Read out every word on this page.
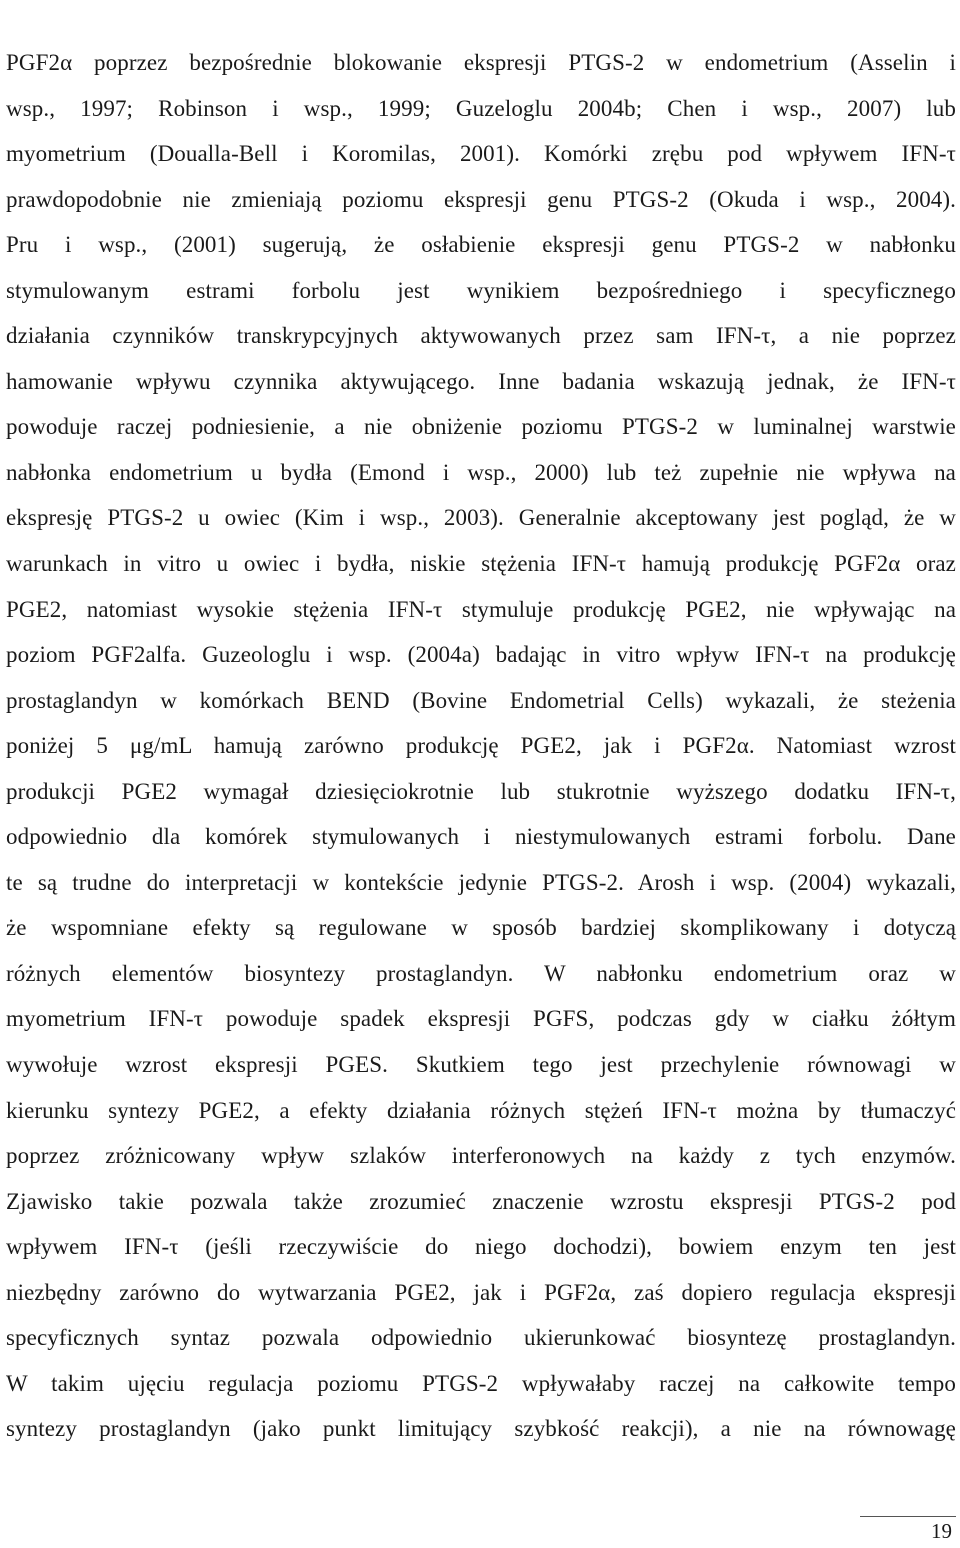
PGF2α poprzez bezpośrednie blokowanie ekspresji PTGS-2 w endometrium (Asselin i
wsp., 1997; Robinson i wsp., 1999; Guzeloglu 2004b; Chen i wsp., 2007) lub
myometrium (Doualla-Bell i Koromilas, 2001). Komórki zrębu pod wpływem IFN-τ
prawdopodobnie nie zmieniają poziomu ekspresji genu PTGS-2 (Okuda i wsp., 2004).
Pru i wsp., (2001) sugerują, że osłabienie ekspresji genu PTGS-2 w nabłonku
stymulowanym estrami forbolu jest wynikiem bezpośredniego i specyficznego
działania czynników transkrypcyjnych aktywowanych przez sam IFN-τ, a nie poprzez
hamowanie wpływu czynnika aktywującego. Inne badania wskazują jednak, że IFN-τ
powoduje raczej podniesienie, a nie obniżenie poziomu PTGS-2 w luminalnej warstwie
nabłonka endometrium u bydła (Emond i wsp., 2000) lub też zupełnie nie wpływa na
ekspresję PTGS-2 u owiec (Kim i wsp., 2003). Generalnie akceptowany jest pogląd, że w
warunkach in vitro u owiec i bydła, niskie stężenia IFN-τ hamują produkcję PGF2α oraz
PGE2, natomiast wysokie stężenia IFN-τ stymuluje produkcję PGE2, nie wpływając na
poziom PGF2alfa. Guzeologlu i wsp. (2004a) badając in vitro wpływ IFN-τ na produkcję
prostaglandyn w komórkach BEND (Bovine Endometrial Cells) wykazali, że steżenia
poniżej 5 μg/mL hamują zarówno produkcję PGE2, jak i PGF2α. Natomiast wzrost
produkcji PGE2 wymagał dziesięciokrotnie lub stukrotnie wyższego dodatku IFN-τ,
odpowiednio dla komórek stymulowanych i niestymulowanych estrami forbolu. Dane
te są trudne do interpretacji w kontekście jedynie PTGS-2. Arosh i wsp. (2004) wykazali,
że wspomniane efekty są regulowane w sposób bardziej skomplikowany i dotyczą
różnych elementów biosyntezy prostaglandyn. W nabłonku endometrium oraz w
myometrium IFN-τ powoduje spadek ekspresji PGFS, podczas gdy w ciałku żółtym
wywołuje wzrost ekspresji PGES. Skutkiem tego jest przechylenie równowagi w
kierunku syntezy PGE2, a efekty działania różnych stężeń IFN-τ można by tłumaczyć
poprzez zróżnicowany wpływ szlaków interferonowych na każdy z tych enzymów.
Zjawisko takie pozwala także zrozumieć znaczenie wzrostu ekspresji PTGS-2 pod
wpływem IFN-τ (jeśli rzeczywiście do niego dochodzi), bowiem enzym ten jest
niezbędny zarówno do wytwarzania PGE2, jak i PGF2α, zaś dopiero regulacja ekspresji
specyficznych syntaz pozwala odpowiednio ukierunkować biosyntezę prostaglandyn.
W takim ujęciu regulacja poziomu PTGS-2 wpływałaby raczej na całkowite tempo
syntezy prostaglandyn (jako punkt limitujący szybkość reakcji), a nie na równowagę
19
